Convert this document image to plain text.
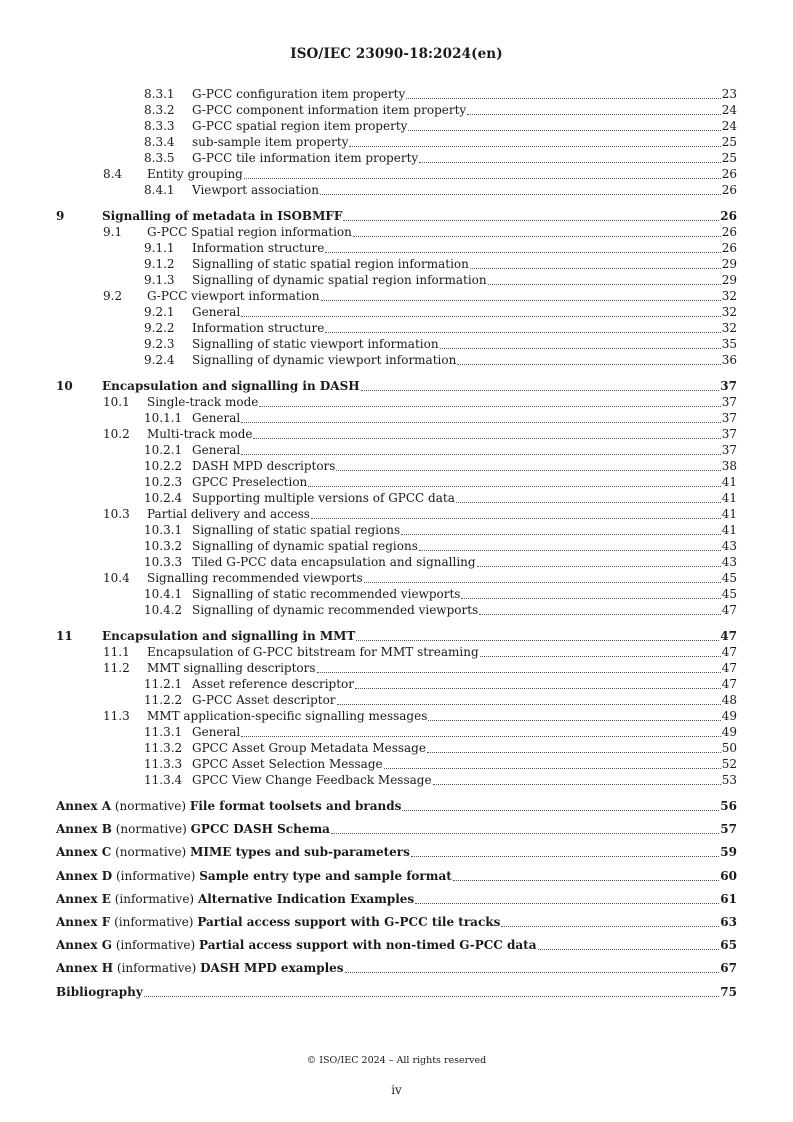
ISO/IEC 23090-18:2024(en)
8.3.1 G-PCC configuration item property	23
8.3.2 G-PCC component information item property	24
8.3.3 G-PCC spatial region item property	24
8.3.4 sub-sample item property	25
8.3.5 G-PCC tile information item property	25
8.4 Entity grouping	26
8.4.1 Viewport association	26
9	Signalling of metadata in ISOBMFF	26
9.1 G-PCC Spatial region information	26
9.1.1 Information structure	26
9.1.2 Signalling of static spatial region information	29
9.1.3 Signalling of dynamic spatial region information	29
9.2 G-PCC viewport information	32
9.2.1 General	32
9.2.2 Information structure	32
9.2.3 Signalling of static viewport information	35
9.2.4 Signalling of dynamic viewport information	36
10 Encapsulation and signalling in DASH	37
10.1 Single-track mode	37
10.1.1 General	37
10.2 Multi-track mode	37
10.2.1 General	37
10.2.2 DASH MPD descriptors	38
10.2.3 GPCC Preselection	41
10.2.4 Supporting multiple versions of GPCC data	41
10.3 Partial delivery and access	41
10.3.1 Signalling of static spatial regions	41
10.3.2 Signalling of dynamic spatial regions	43
10.3.3 Tiled G-PCC data encapsulation and signalling	43
10.4 Signalling recommended viewports	45
10.4.1 Signalling of static recommended viewports	45
10.4.2 Signalling of dynamic recommended viewports	47
11 Encapsulation and signalling in MMT	47
11.1 Encapsulation of G-PCC bitstream for MMT streaming	47
11.2 MMT signalling descriptors	47
11.2.1 Asset reference descriptor	47
11.2.2 G-PCC Asset descriptor	48
11.3 MMT application-specific signalling messages	49
11.3.1 General	49
11.3.2 GPCC Asset Group Metadata Message	50
11.3.3 GPCC Asset Selection Message	52
11.3.4 GPCC View Change Feedback Message	53
Annex A (normative) File format toolsets and brands	56
Annex B (normative) GPCC DASH Schema	57
Annex C (normative) MIME types and sub-parameters	59
Annex D (informative) Sample entry type and sample format	60
Annex E (informative) Alternative Indication Examples	61
Annex F (informative) Partial access support with G-PCC tile tracks	63
Annex G (informative) Partial access support with non-timed G-PCC data	65
Annex H (informative) DASH MPD examples	67
Bibliography	75
© ISO/IEC 2024 – All rights reserved
iv
